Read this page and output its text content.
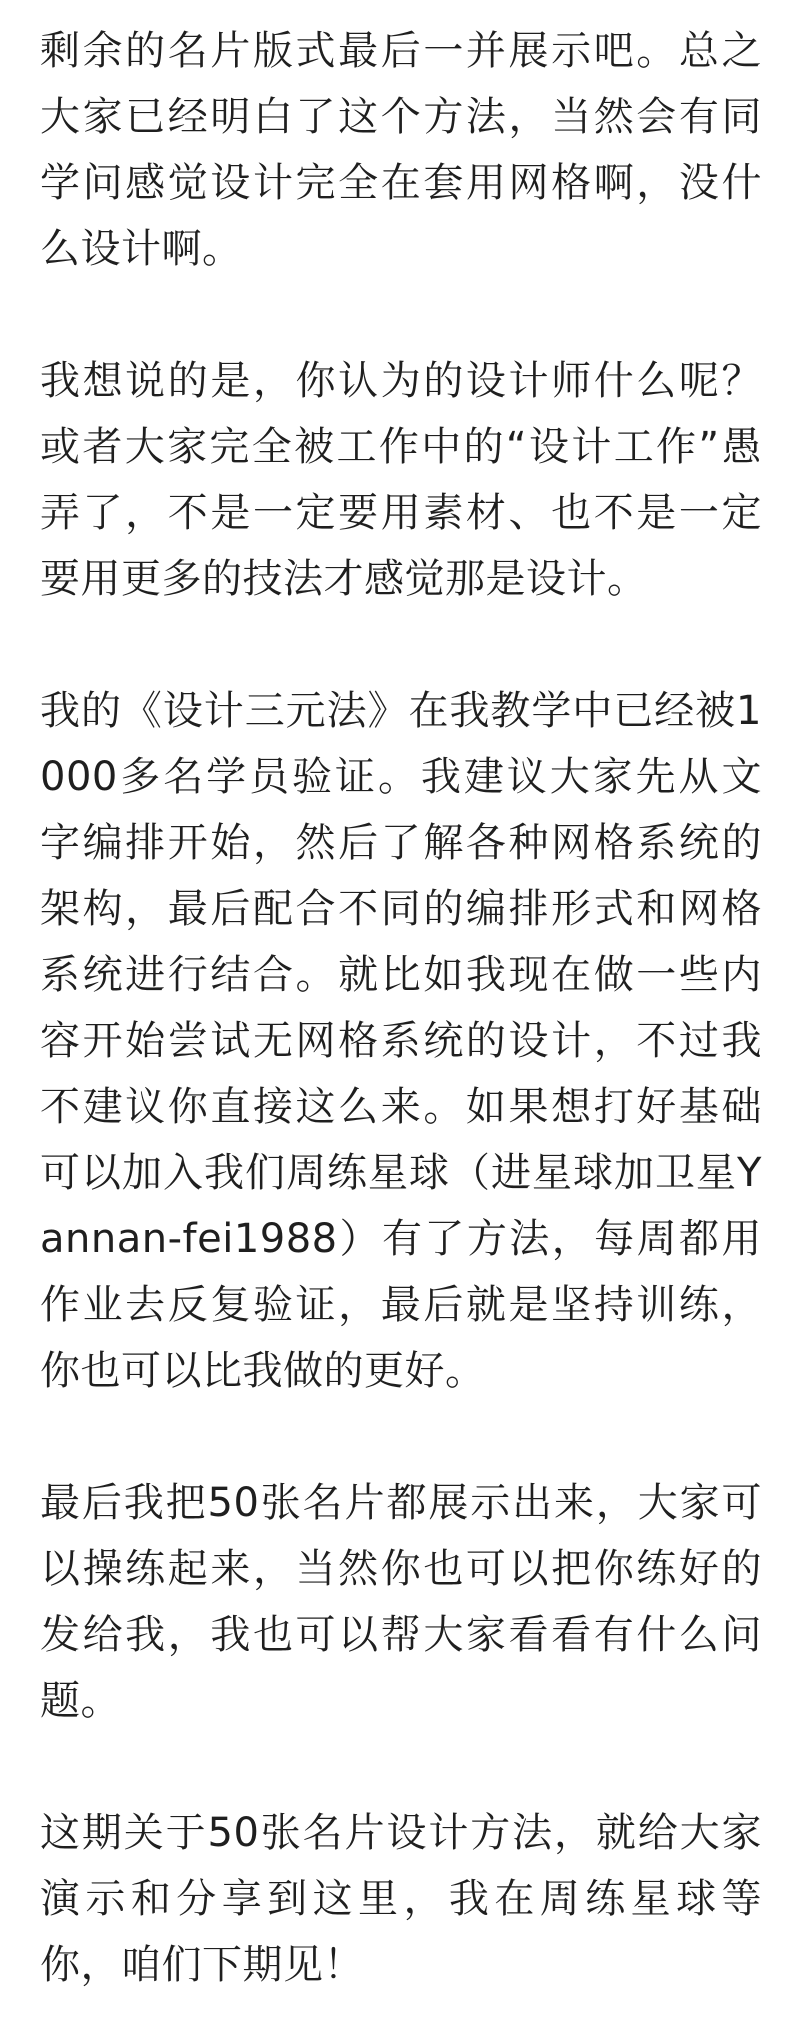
剩余的名片版式最后一并展示吧。总之大家已经明白了这个方法，当然会有同学问感觉设计完全在套用网格啊，没什么设计啊。

我想说的是，你认为的设计师什么呢？或者大家完全被工作中的“设计工作”愚弄了，不是一定要用素材、也不是一定要用更多的技法才感觉那是设计。

我的《设计三元法》在我教学中已经被1000多名学员验证。我建议大家先从文字编排开始，然后了解各种网格系统的架构，最后配合不同的编排形式和网格系统进行结合。就比如我现在做一些内容开始尝试无网格系统的设计，不过我不建议你直接这么来。如果想打好基础可以加入我们周练星球（进星球加卫星Yannan-fei1988）有了方法，每周都用作业去反复验证，最后就是坚持训练，你也可以比我做的更好。

最后我把50张名片都展示出来，大家可以操练起来，当然你也可以把你练好的发给我，我也可以帮大家看看有什么问题。

这期关于50张名片设计方法，就给大家演示和分享到这里，我在周练星球等你，咱们下期见！
